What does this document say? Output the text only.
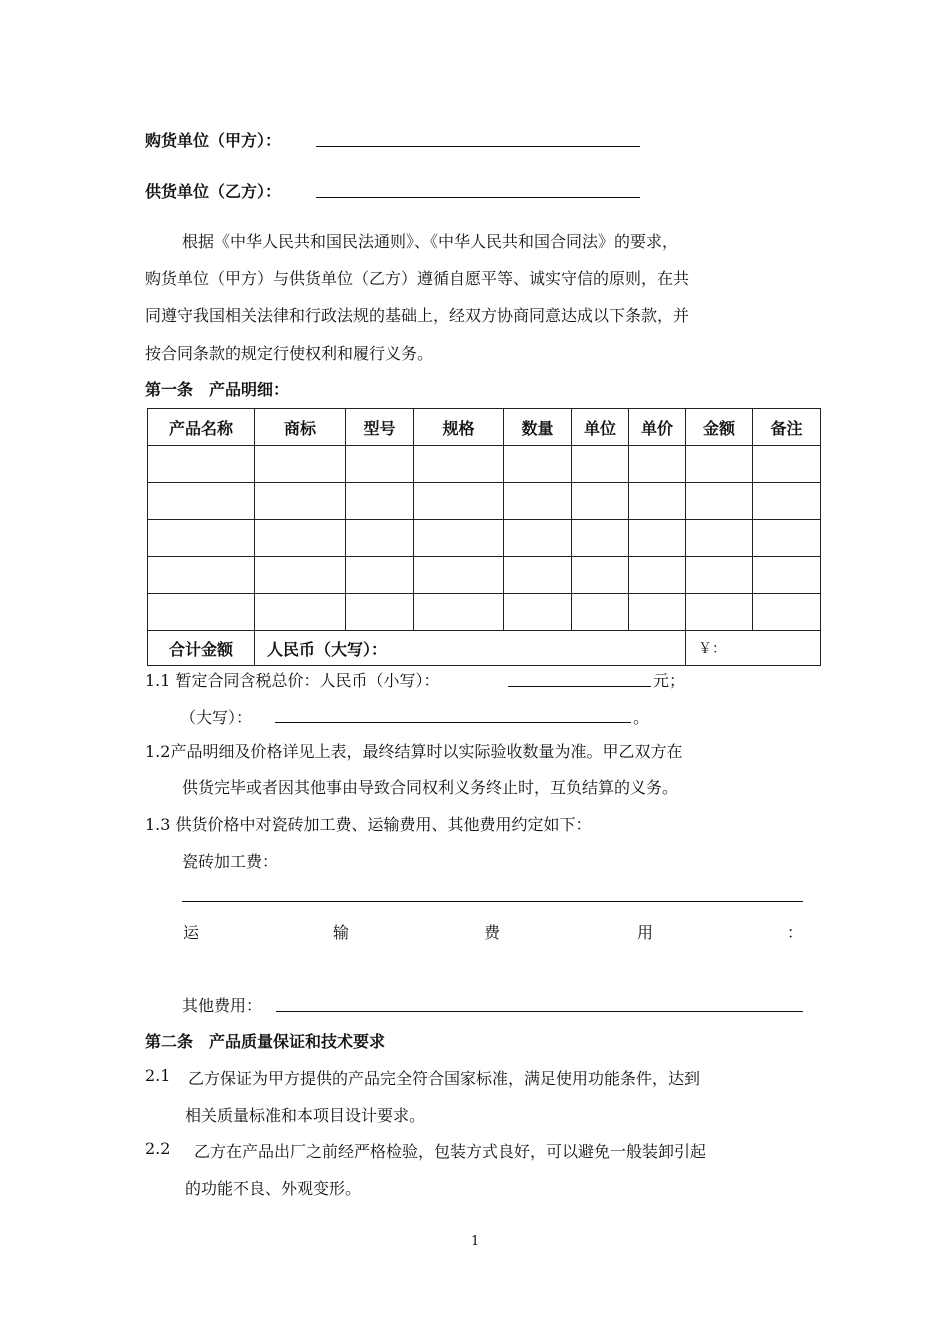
购货单位（甲方）：
供货单位（乙方）：
根据《中华人民共和国民法通则》、《中华人民共和国合同法》的要求，
购货单位（甲方）与供货单位（乙方）遵循自愿平等、诚实守信的原则，在共
同遵守我国相关法律和行政法规的基础上，经双方协商同意达成以下条款，并
按合同条款的规定行使权利和履行义务。
第一条　产品明细：
产品名称	商标	型号	规格	数量	单位	单价	金额	备注

合计金额	人民币（大写）：						￥：	
1.1 暂定合同含税总价：人民币（小写）：	元；
（大写）：	。
1.2产品明细及价格详见上表，最终结算时以实际验收数量为准。甲乙双方在
供货完毕或者因其他事由导致合同权利义务终止时，互负结算的义务。
1.3 供货价格中对瓷砖加工费、运输费用、其他费用约定如下：
瓷砖加工费：
运	输	费	用	：
其他费用：
第二条　产品质量保证和技术要求
2.1 乙方保证为甲方提供的产品完全符合国家标准，满足使用功能条件，达到
相关质量标准和本项目设计要求。
2.2 乙方在产品出厂之前经严格检验，包装方式良好，可以避免一般装卸引起
的功能不良、外观变形。
1
